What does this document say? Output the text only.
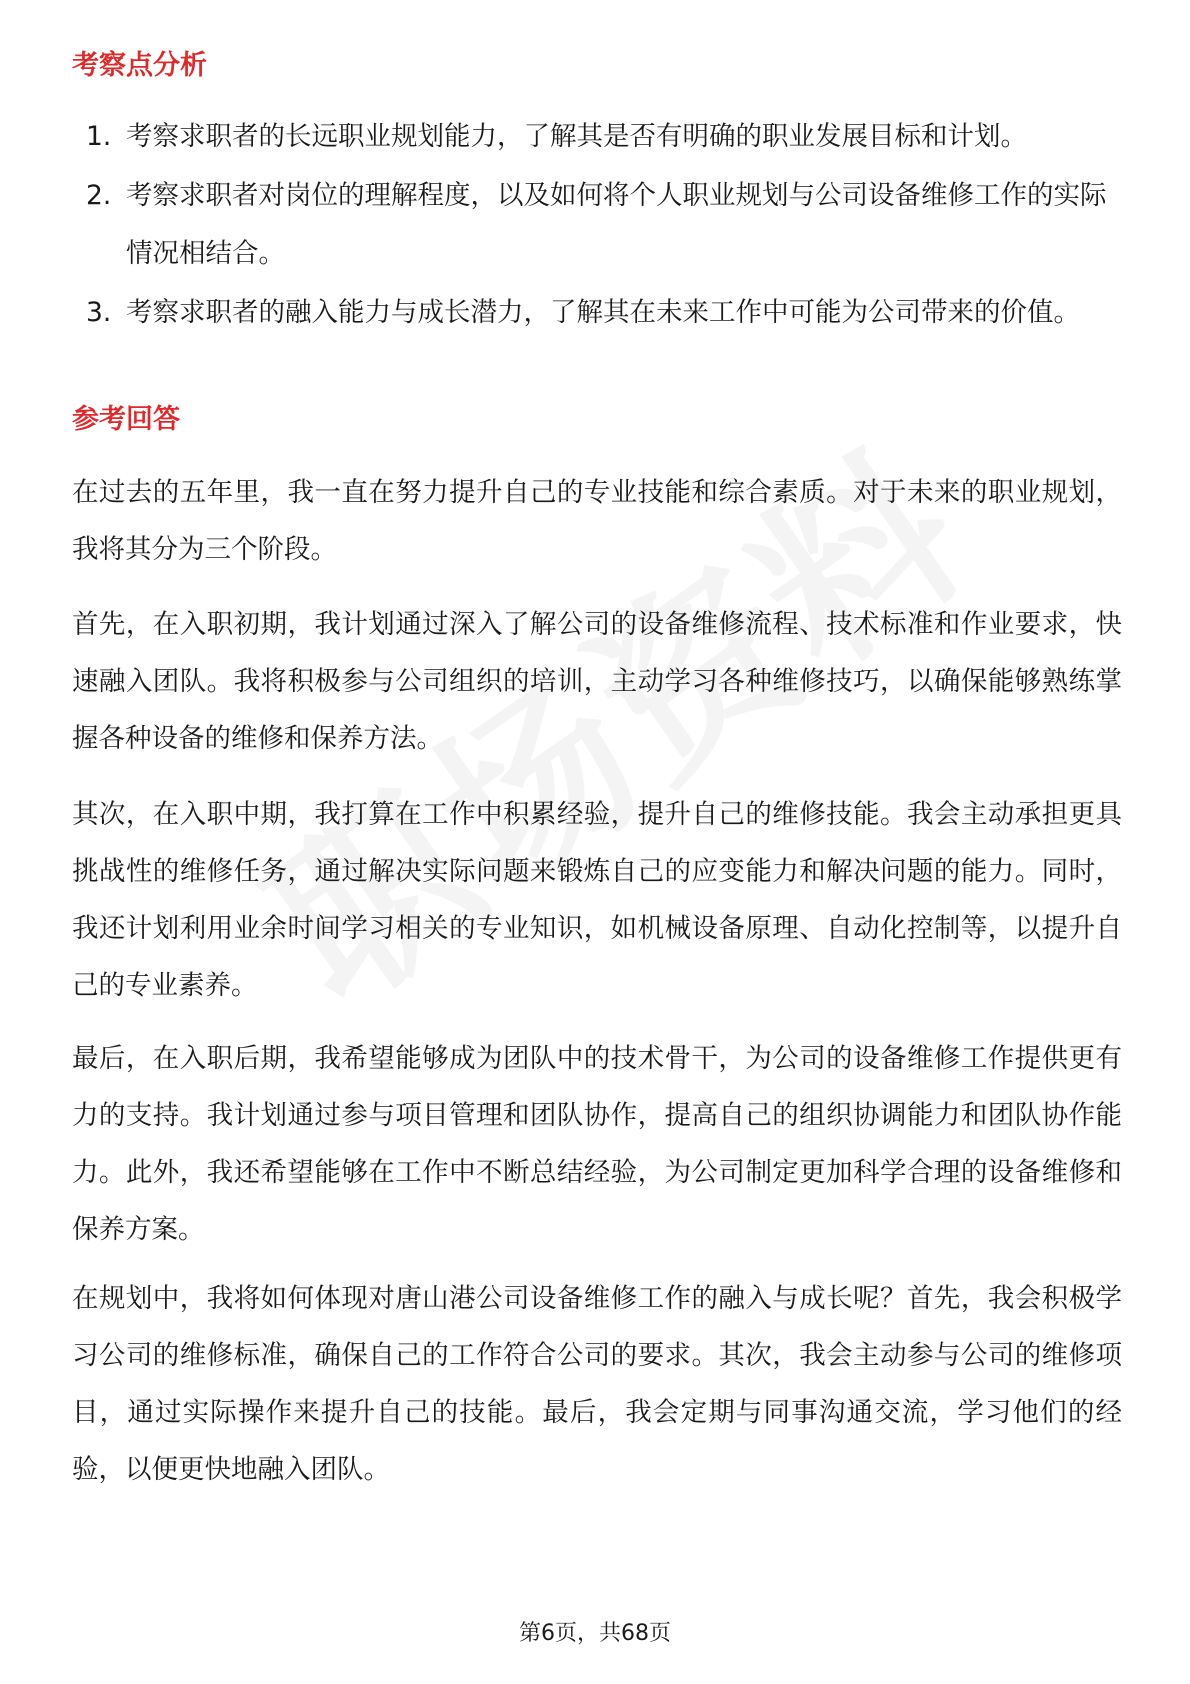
考察点分析
1. 考察求职者的长远职业规划能力，了解其是否有明确的职业发展目标和计划。
2. 考察求职者对岗位的理解程度，以及如何将个人职业规划与公司设备维修工作的实际情况相结合。
3. 考察求职者的融入能力与成长潜力，了解其在未来工作中可能为公司带来的价值。
参考回答

在过去的五年里，我一直在努力提升自己的专业技能和综合素质。对于未来的职业规划，我将其分为三个阶段。

首先，在入职初期，我计划通过深入了解公司的设备维修流程、技术标准和作业要求，快速融入团队。我将积极参与公司组织的培训，主动学习各种维修技巧，以确保能够熟练掌握各种设备的维修和保养方法。

其次，在入职中期，我打算在工作中积累经验，提升自己的维修技能。我会主动承担更具挑战性的维修任务，通过解决实际问题来锻炼自己的应变能力和解决问题的能力。同时，我还计划利用业余时间学习相关的专业知识，如机械设备原理、自动化控制等，以提升自己的专业素养。

最后，在入职后期，我希望能够成为团队中的技术骨干，为公司的设备维修工作提供更有力的支持。我计划通过参与项目管理和团队协作，提高自己的组织协调能力和团队协作能力。此外，我还希望能够在工作中不断总结经验，为公司制定更加科学合理的设备维修和保养方案。

在规划中，我将如何体现对唐山港公司设备维修工作的融入与成长呢？首先，我会积极学习公司的维修标准，确保自己的工作符合公司的要求。其次，我会主动参与公司的维修项目，通过实际操作来提升自己的技能。最后，我会定期与同事沟通交流，学习他们的经验，以便更快地融入团队。

第6页，共68页
